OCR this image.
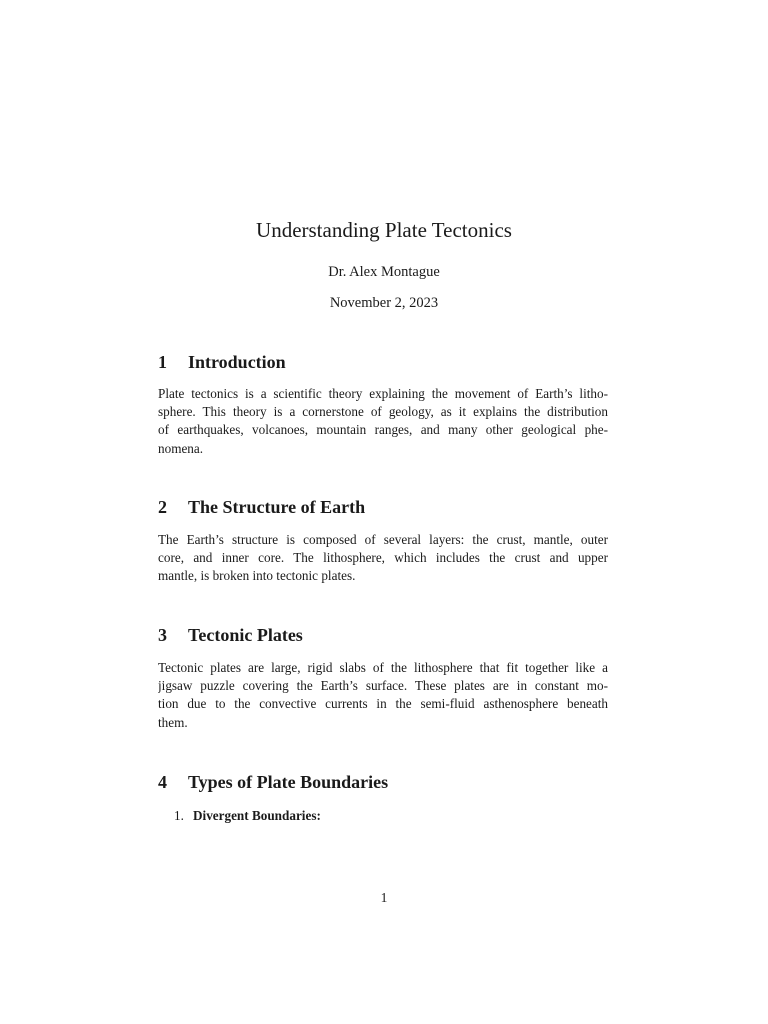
Understanding Plate Tectonics
Dr. Alex Montague
November 2, 2023
1 Introduction
Plate tectonics is a scientific theory explaining the movement of Earth’s litho-
sphere. This theory is a cornerstone of geology, as it explains the distribution
of earthquakes, volcanoes, mountain ranges, and many other geological phe-
nomena.
2 The Structure of Earth
The Earth’s structure is composed of several layers: the crust, mantle, outer
core, and inner core. The lithosphere, which includes the crust and upper
mantle, is broken into tectonic plates.
3 Tectonic Plates
Tectonic plates are large, rigid slabs of the lithosphere that fit together like a
jigsaw puzzle covering the Earth’s surface. These plates are in constant mo-
tion due to the convective currents in the semi-fluid asthenosphere beneath
them.
4 Types of Plate Boundaries
1. Divergent Boundaries:
1
